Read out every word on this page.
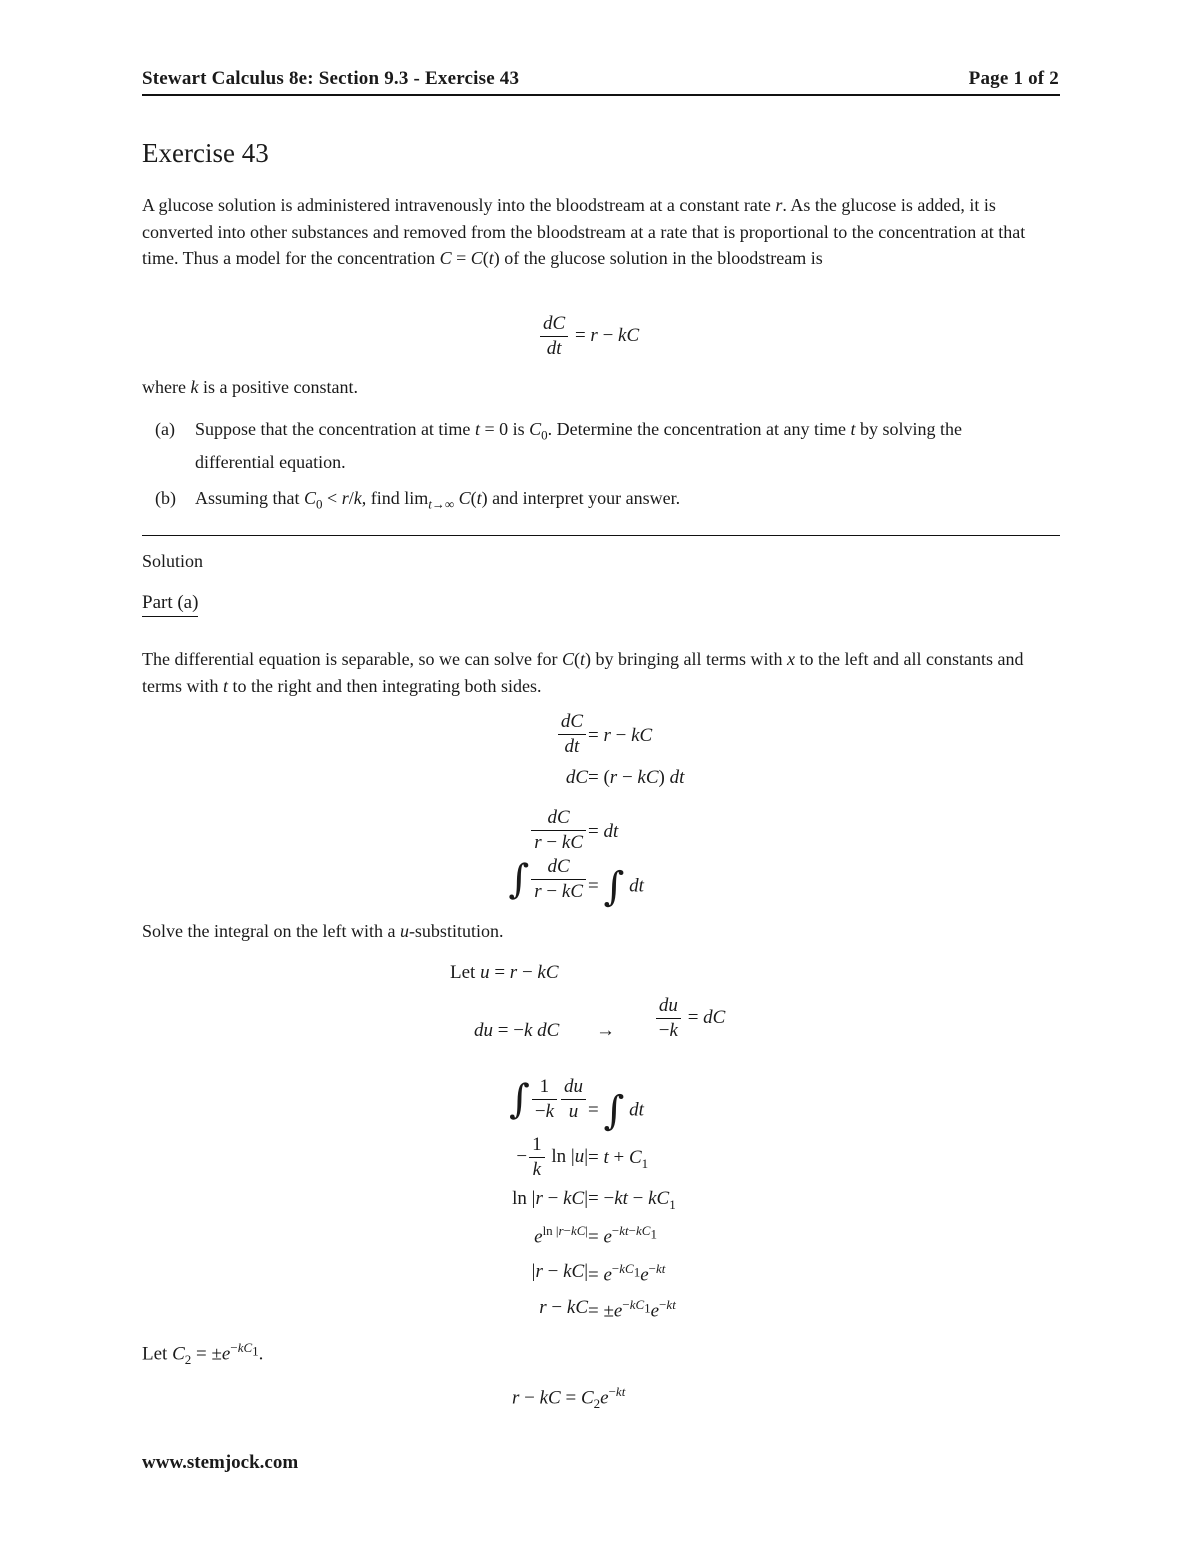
Stewart Calculus 8e: Section 9.3 - Exercise 43	Page 1 of 2
Exercise 43
A glucose solution is administered intravenously into the bloodstream at a constant rate r. As the glucose is added, it is converted into other substances and removed from the bloodstream at a rate that is proportional to the concentration at that time. Thus a model for the concentration C = C(t) of the glucose solution in the bloodstream is
$\frac{dC}{dt} = r$ − kC
where k is a positive constant.
(a) Suppose that the concentration at time t = 0 is $C_0$. Determine the concentration at any time t by solving the differential equation.
(b) Assuming that $C_0 < r/k$, find $\lim_{t\to\infty} C(t)$ and interpret your answer.
Solution
Part (a)
The differential equation is separable, so we can solve for C(t) by bringing all terms with x to the left and all constants and terms with t to the right and then integrating both sides.
$\frac{dC}{dt} = r$ − kC
dC = (r − kC) dt
$\frac{dC}{r - kC}$ = dt
∫ $\frac{dC}{r - kC}$ = ∫ dt
Solve the integral on the left with a u-substitution.
Let u = r − kC
du = −k dC → $\frac{du}{-k}$ = dC
∫ $\frac{1}{-k} \frac{du}{u}$ = ∫ dt
− $\frac{1}{k}$ $\ln |u| = t + C_1$
$\ln |r - kC| = -kt - kC_1$
$e^{ln |r-kC|} = e^{-kt-kC_1}$
$|r - kC| = e^{-kC_1}e^{-kt}$
r − kC = $\pm e^{-kC_1}e^{-kt}$
Let $C_2 = \pm e^{-kC_1}$.
r − kC = $C_2e^{-kt}$
www.stemjock.com
